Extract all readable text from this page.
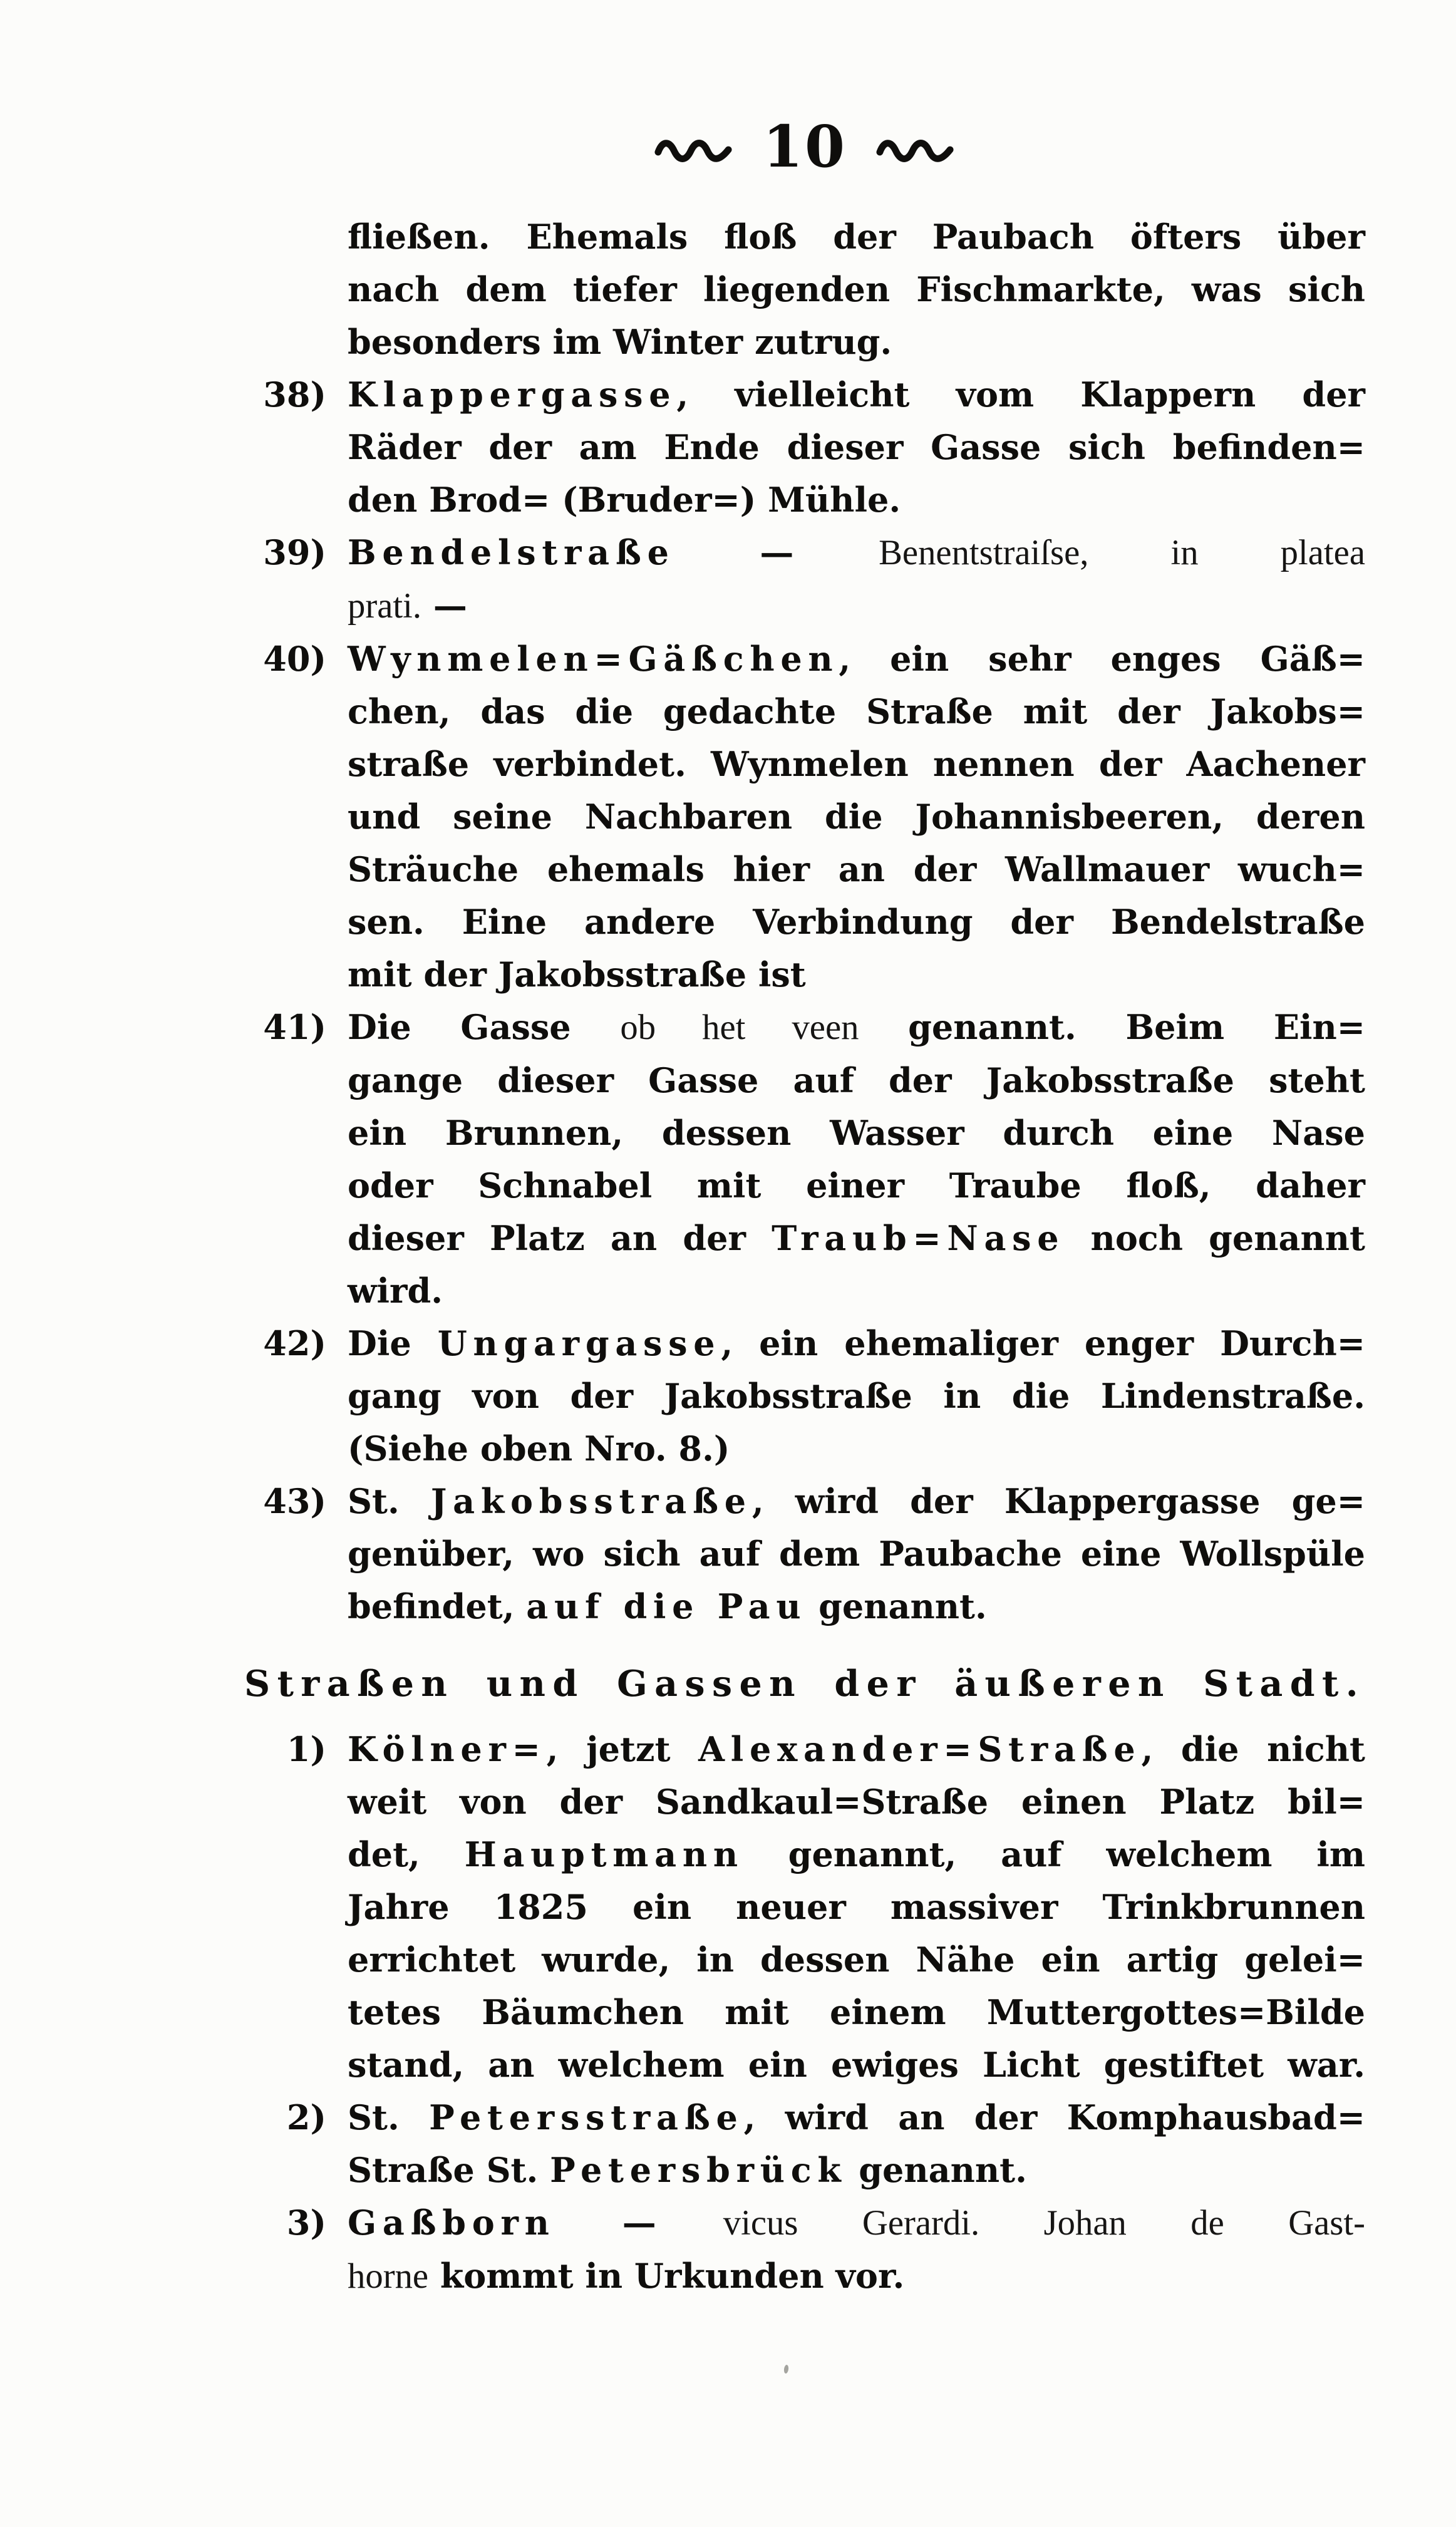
10
fließen. Ehemals floß der Paubach öfters über
nach dem tiefer liegenden Fischmarkte, was sich
besonders im Winter zutrug.
38) Klappergasse, vielleicht vom Klappern der
Räder der am Ende dieser Gasse sich befinden=
den Brod= (Bruder=) Mühle.
39) Bendelstraße — Benentstraiſse, in platea
prati. —
40) Wynmelen=Gäßchen, ein sehr enges Gäß=
chen, das die gedachte Straße mit der Jakobs=
straße verbindet. Wynmelen nennen der Aachener
und seine Nachbaren die Johannisbeeren, deren
Sträuche ehemals hier an der Wallmauer wuch=
sen. Eine andere Verbindung der Bendelstraße
mit der Jakobsstraße ist
41) Die Gasse ob het veen genannt. Beim Ein=
gange dieser Gasse auf der Jakobsstraße steht
ein Brunnen, dessen Wasser durch eine Nase
oder Schnabel mit einer Traube floß, daher
dieser Platz an der Traub=Nase noch genannt
wird.
42) Die Ungargasse, ein ehemaliger enger Durch=
gang von der Jakobsstraße in die Lindenstraße.
(Siehe oben Nro. 8.)
43) St. Jakobsstraße, wird der Klappergasse ge=
genüber, wo sich auf dem Paubache eine Wollspüle
befindet, auf die Pau genannt.
Straßen und Gassen der äußeren Stadt.
1) Kölner=, jetzt Alexander=Straße, die nicht
weit von der Sandkaul=Straße einen Platz bil=
det, Hauptmann genannt, auf welchem im
Jahre 1825 ein neuer massiver Trinkbrunnen
errichtet wurde, in dessen Nähe ein artig gelei=
tetes Bäumchen mit einem Muttergottes=Bilde
stand, an welchem ein ewiges Licht gestiftet war.
2) St. Petersstraße, wird an der Komphausbad=
Straße St. Petersbrück genannt.
3) Gaßborn — vicus Gerardi. Johan de Gast-
horne kommt in Urkunden vor.
